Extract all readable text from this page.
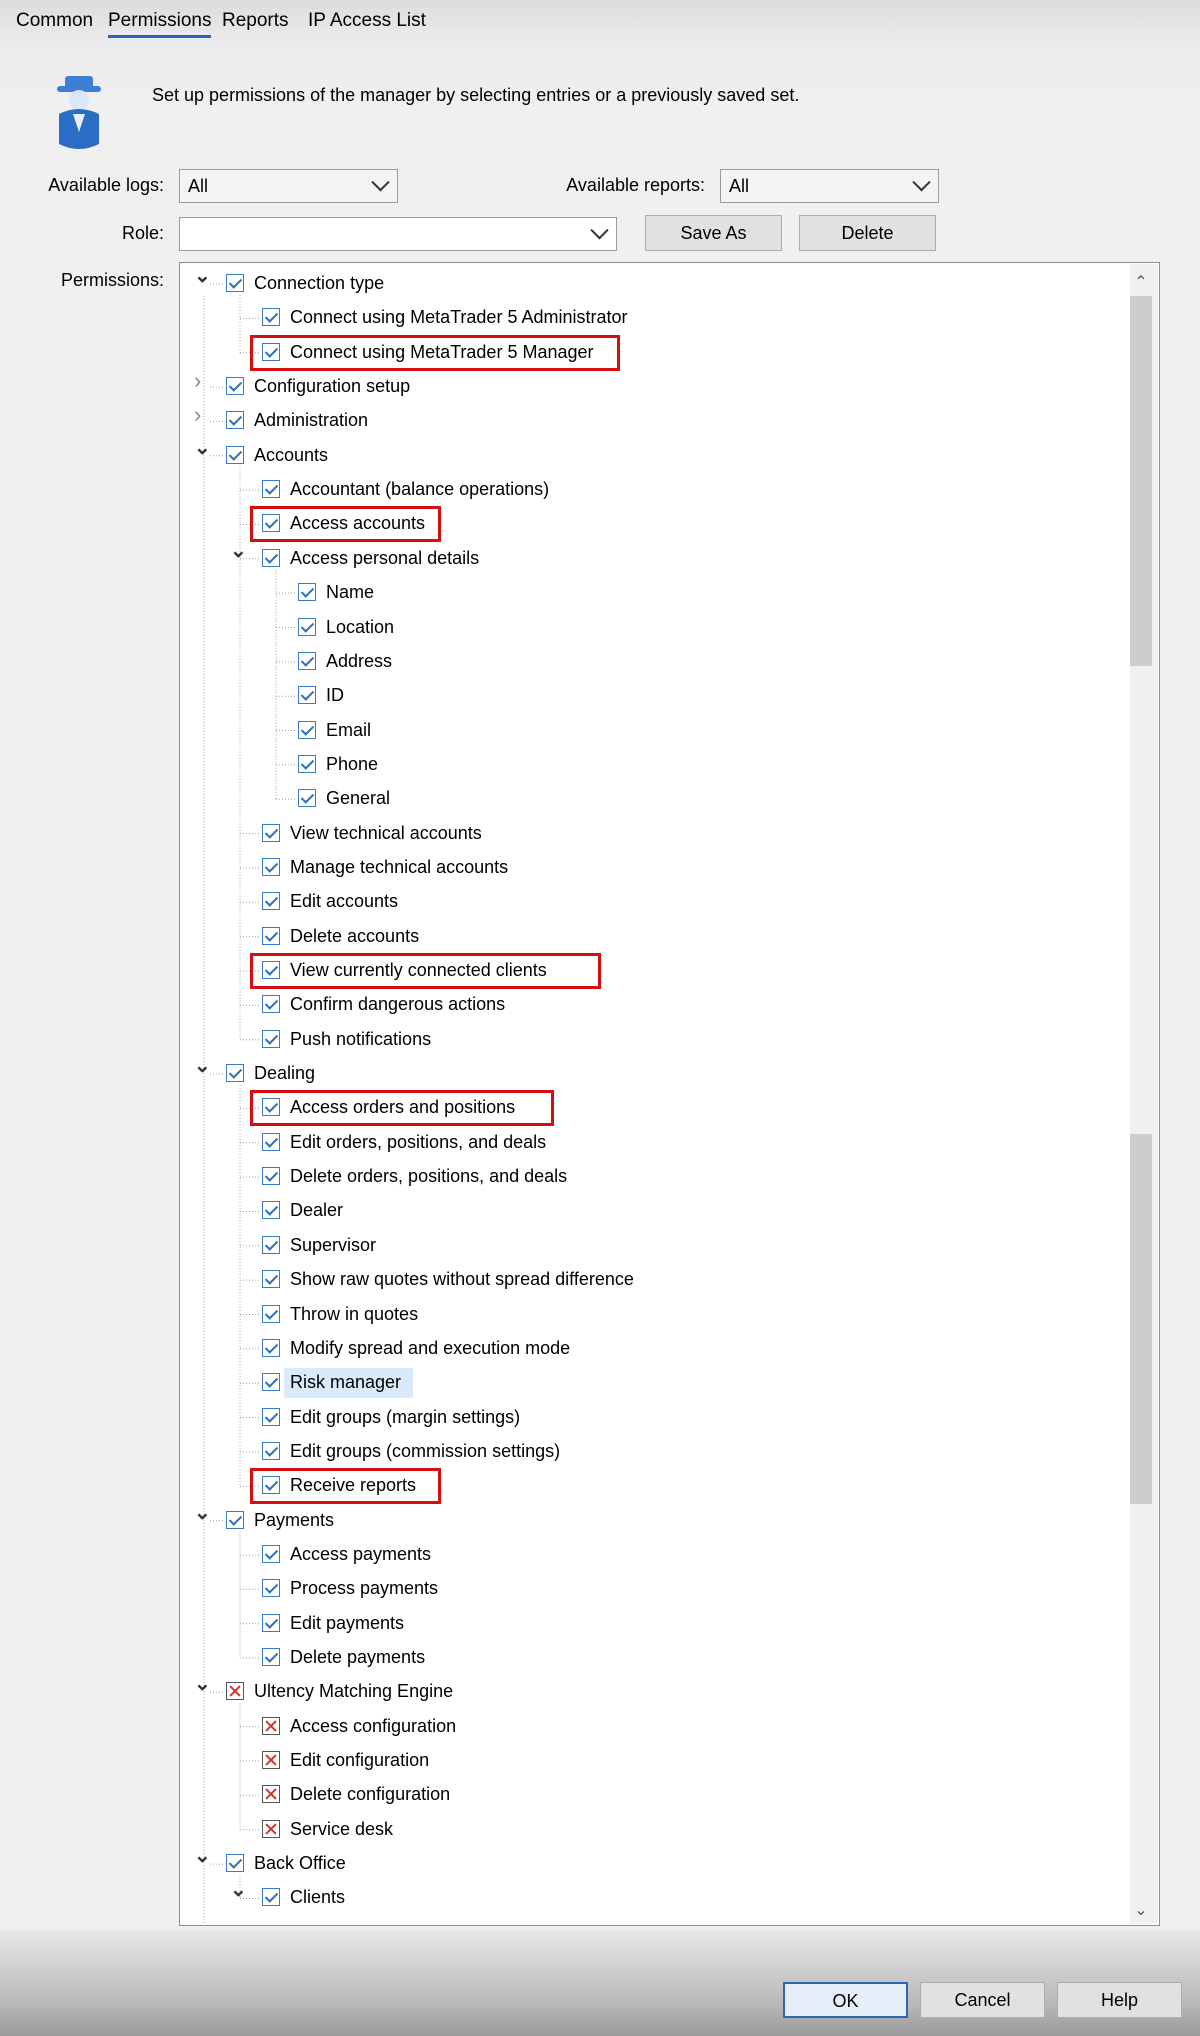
Common Permissions Reports IP Access List
Set up permissions of the manager by selecting entries or a previously saved set.
Available logs: All	Available reports: All
Role:	Save As	Delete
Permissions: ⌄ Connection type
Connect using MetaTrader 5 Administrator
Connect using MetaTrader 5 Manager
›	Configuration setup
›	Administration
⌄ Accounts
Accountant (balance operations)
Access accounts
⌄ Access personal details
Name
Location
Address
ID
Email
Phone
General
View technical accounts
Manage technical accounts
Edit accounts
Delete accounts
View currently connected clients
Confirm dangerous actions
Push notifications
⌄ Dealing
Access orders and positions
Edit orders, positions, and deals
Delete orders, positions, and deals
Dealer
Supervisor
Show raw quotes without spread difference
Throw in quotes
Modify spread and execution mode
Risk manager
Edit groups (margin settings)
Edit groups (commission settings)
Receive reports
⌄ Payments
Access payments
Process payments
Edit payments
Delete payments
⌄ Ultency Matching Engine
Access configuration
Edit configuration
Delete configuration
Service desk
⌄ Back Office
⌄ Clients
⌃
⌄
OK	Cancel	Help
